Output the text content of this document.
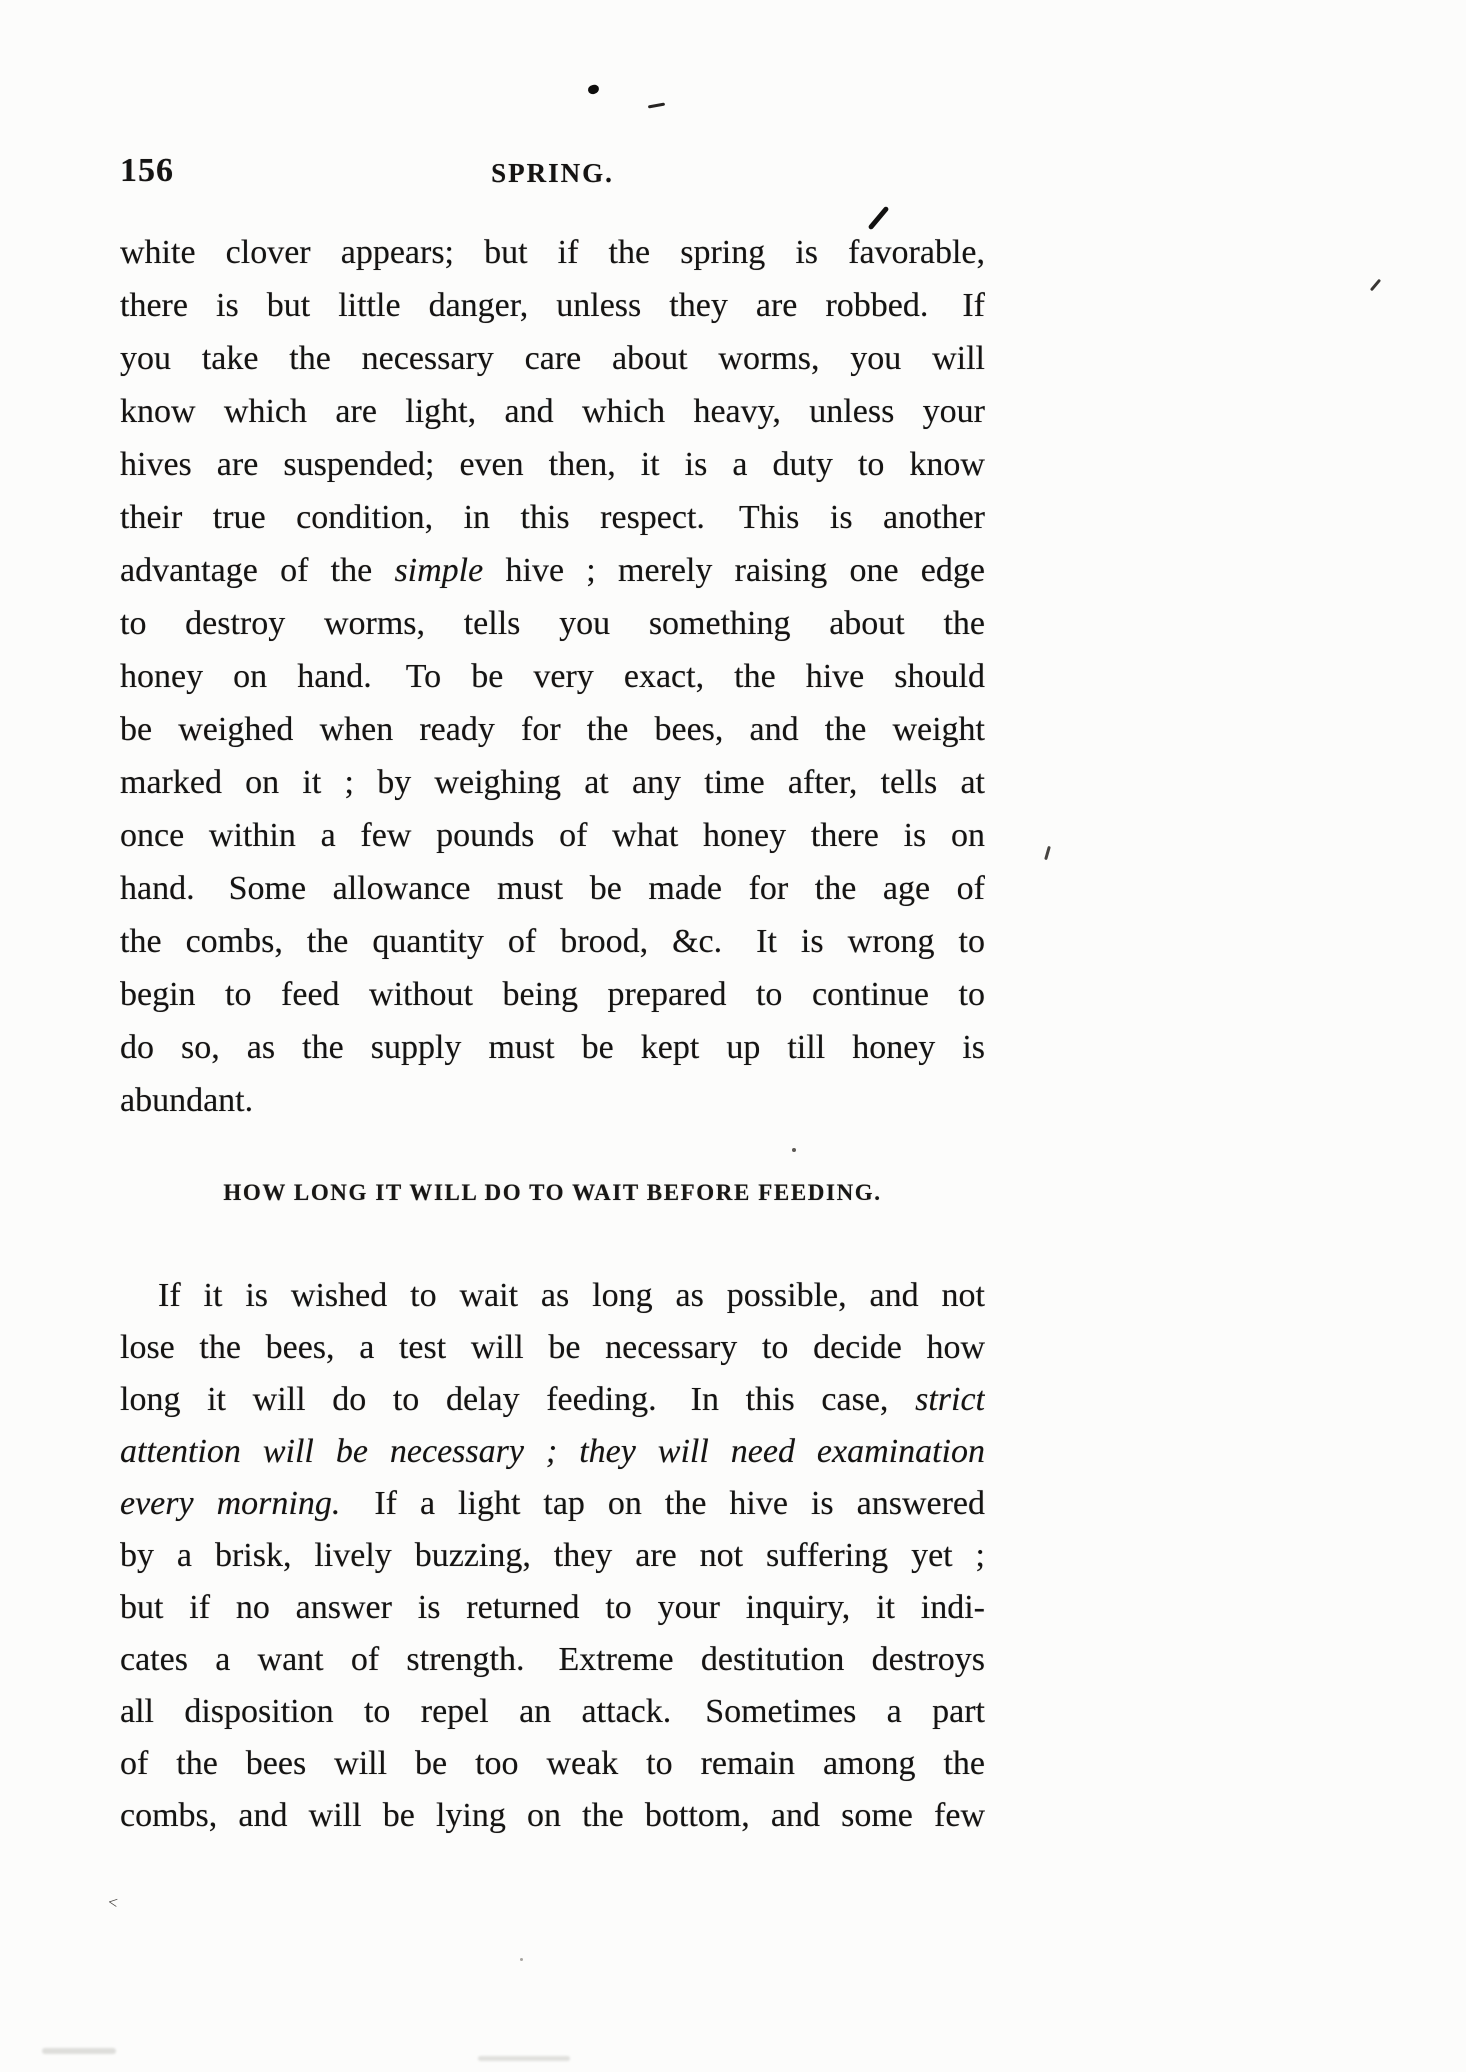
156	SPRING.
white clover appears; but if the spring is favorable,
there is but little danger, unless they are robbed. If
you take the necessary care about worms, you will
know which are light, and which heavy, unless your
hives are suspended; even then, it is a duty to know
their true condition, in this respect. This is another
advantage of the simple hive ; merely raising one edge
to destroy worms, tells you something about the
honey on hand. To be very exact, the hive should
be weighed when ready for the bees, and the weight
marked on it ; by weighing at any time after, tells at
once within a few pounds of what honey there is on
hand. Some allowance must be made for the age of
the combs, the quantity of brood, &c. It is wrong to
begin to feed without being prepared to continue to
do so, as the supply must be kept up till honey is
abundant.
HOW LONG IT WILL DO TO WAIT BEFORE FEEDING.
If it is wished to wait as long as possible, and not
lose the bees, a test will be necessary to decide how
long it will do to delay feeding. In this case, strict
attention will be necessary ; they will need examination
every morning. If a light tap on the hive is answered
by a brisk, lively buzzing, they are not suffering yet ;
but if no answer is returned to your inquiry, it indi-
cates a want of strength. Extreme destitution destroys
all disposition to repel an attack. Sometimes a part
of the bees will be too weak to remain among the
combs, and will be lying on the bottom, and some few
<
